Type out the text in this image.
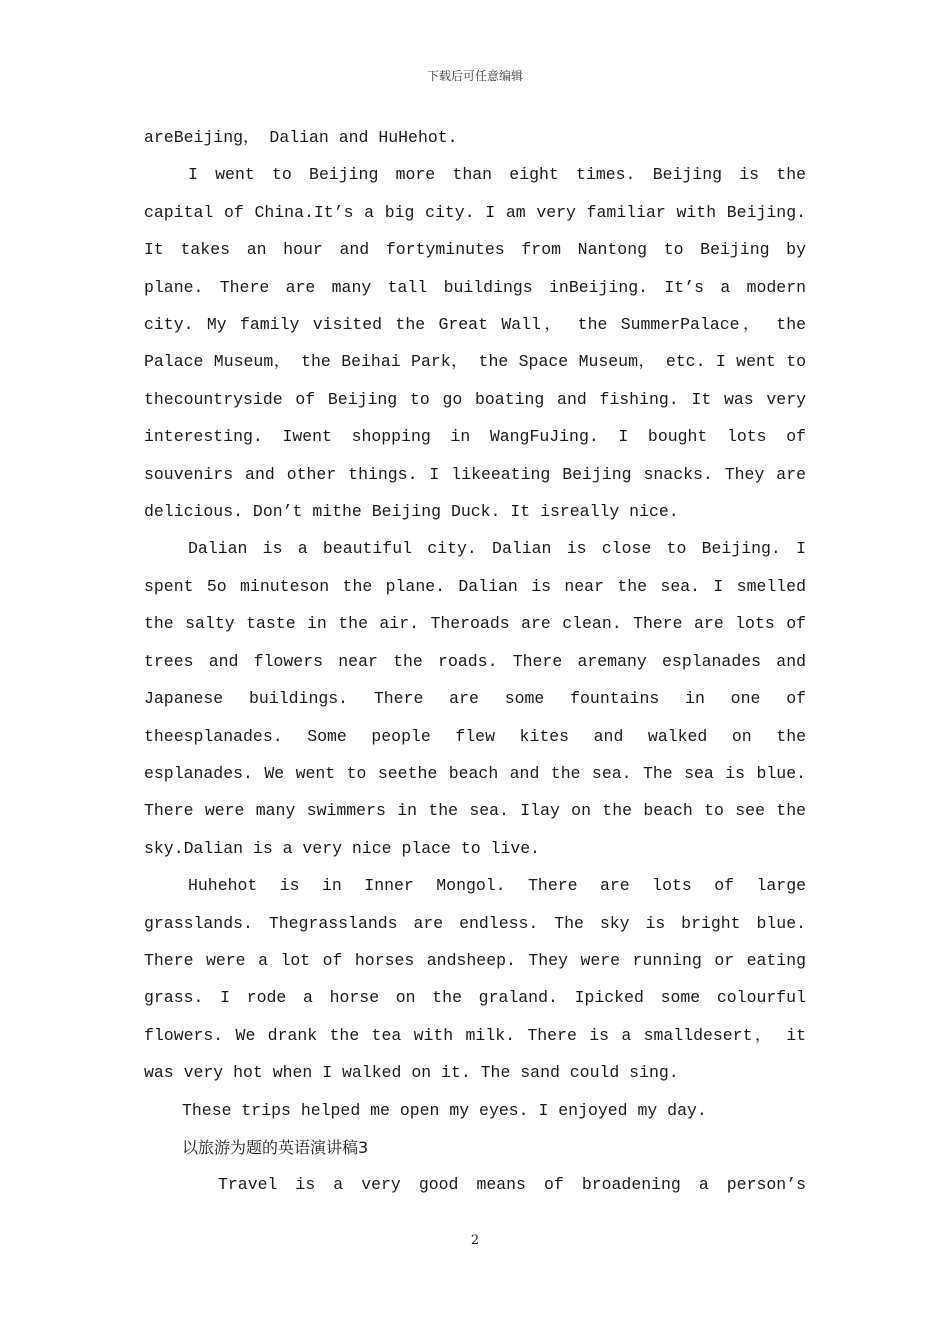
下载后可任意编辑

areBeijing， Dalian and HuHehot.

I went to Beijing more than eight times. Beijing is the capital of China.It’s a big city. I am very familiar with Beijing. It takes an hour and fortyminutes from Nantong to Beijing by plane. There are many tall buildings inBeijing. It’s a modern city. My family visited the Great Wall， the SummerPalace， the Palace Museum， the Beihai Park， the Space Museum， etc. I went to thecountryside of Beijing to go boating and fishing. It was very interesting. Iwent shopping in WangFuJing. I bought lots of souvenirs and other things. I likeeating Beijing snacks. They are delicious. Don’t mithe Beijing Duck. It isreally nice.

Dalian is a beautiful city. Dalian is close to Beijing. I spent 5o minuteson the plane. Dalian is near the sea. I smelled the salty taste in the air. Theroads are clean. There are lots of trees and flowers near the roads. There aremany esplanades and Japanese buildings. There are some fountains in one of theesplanades. Some people flew kites and walked on the esplanades. We went to seethe beach and the sea. The sea is blue. There were many swimmers in the sea. Ilay on the beach to see the sky.Dalian is a very nice place to live.

Huhehot is in Inner Mongol. There are lots of large grasslands. Thegrasslands are endless. The sky is bright blue. There were a lot of horses andsheep. They were running or eating grass. I rode a horse on the graland. Ipicked some colourful flowers. We drank the tea with milk. There is a smalldesert， it was very hot when I walked on it. The sand could sing.

These trips helped me open my eyes. I enjoyed my day.

以旅游为题的英语演讲稿3

Travel is a very good means of broadening a person’s

2
